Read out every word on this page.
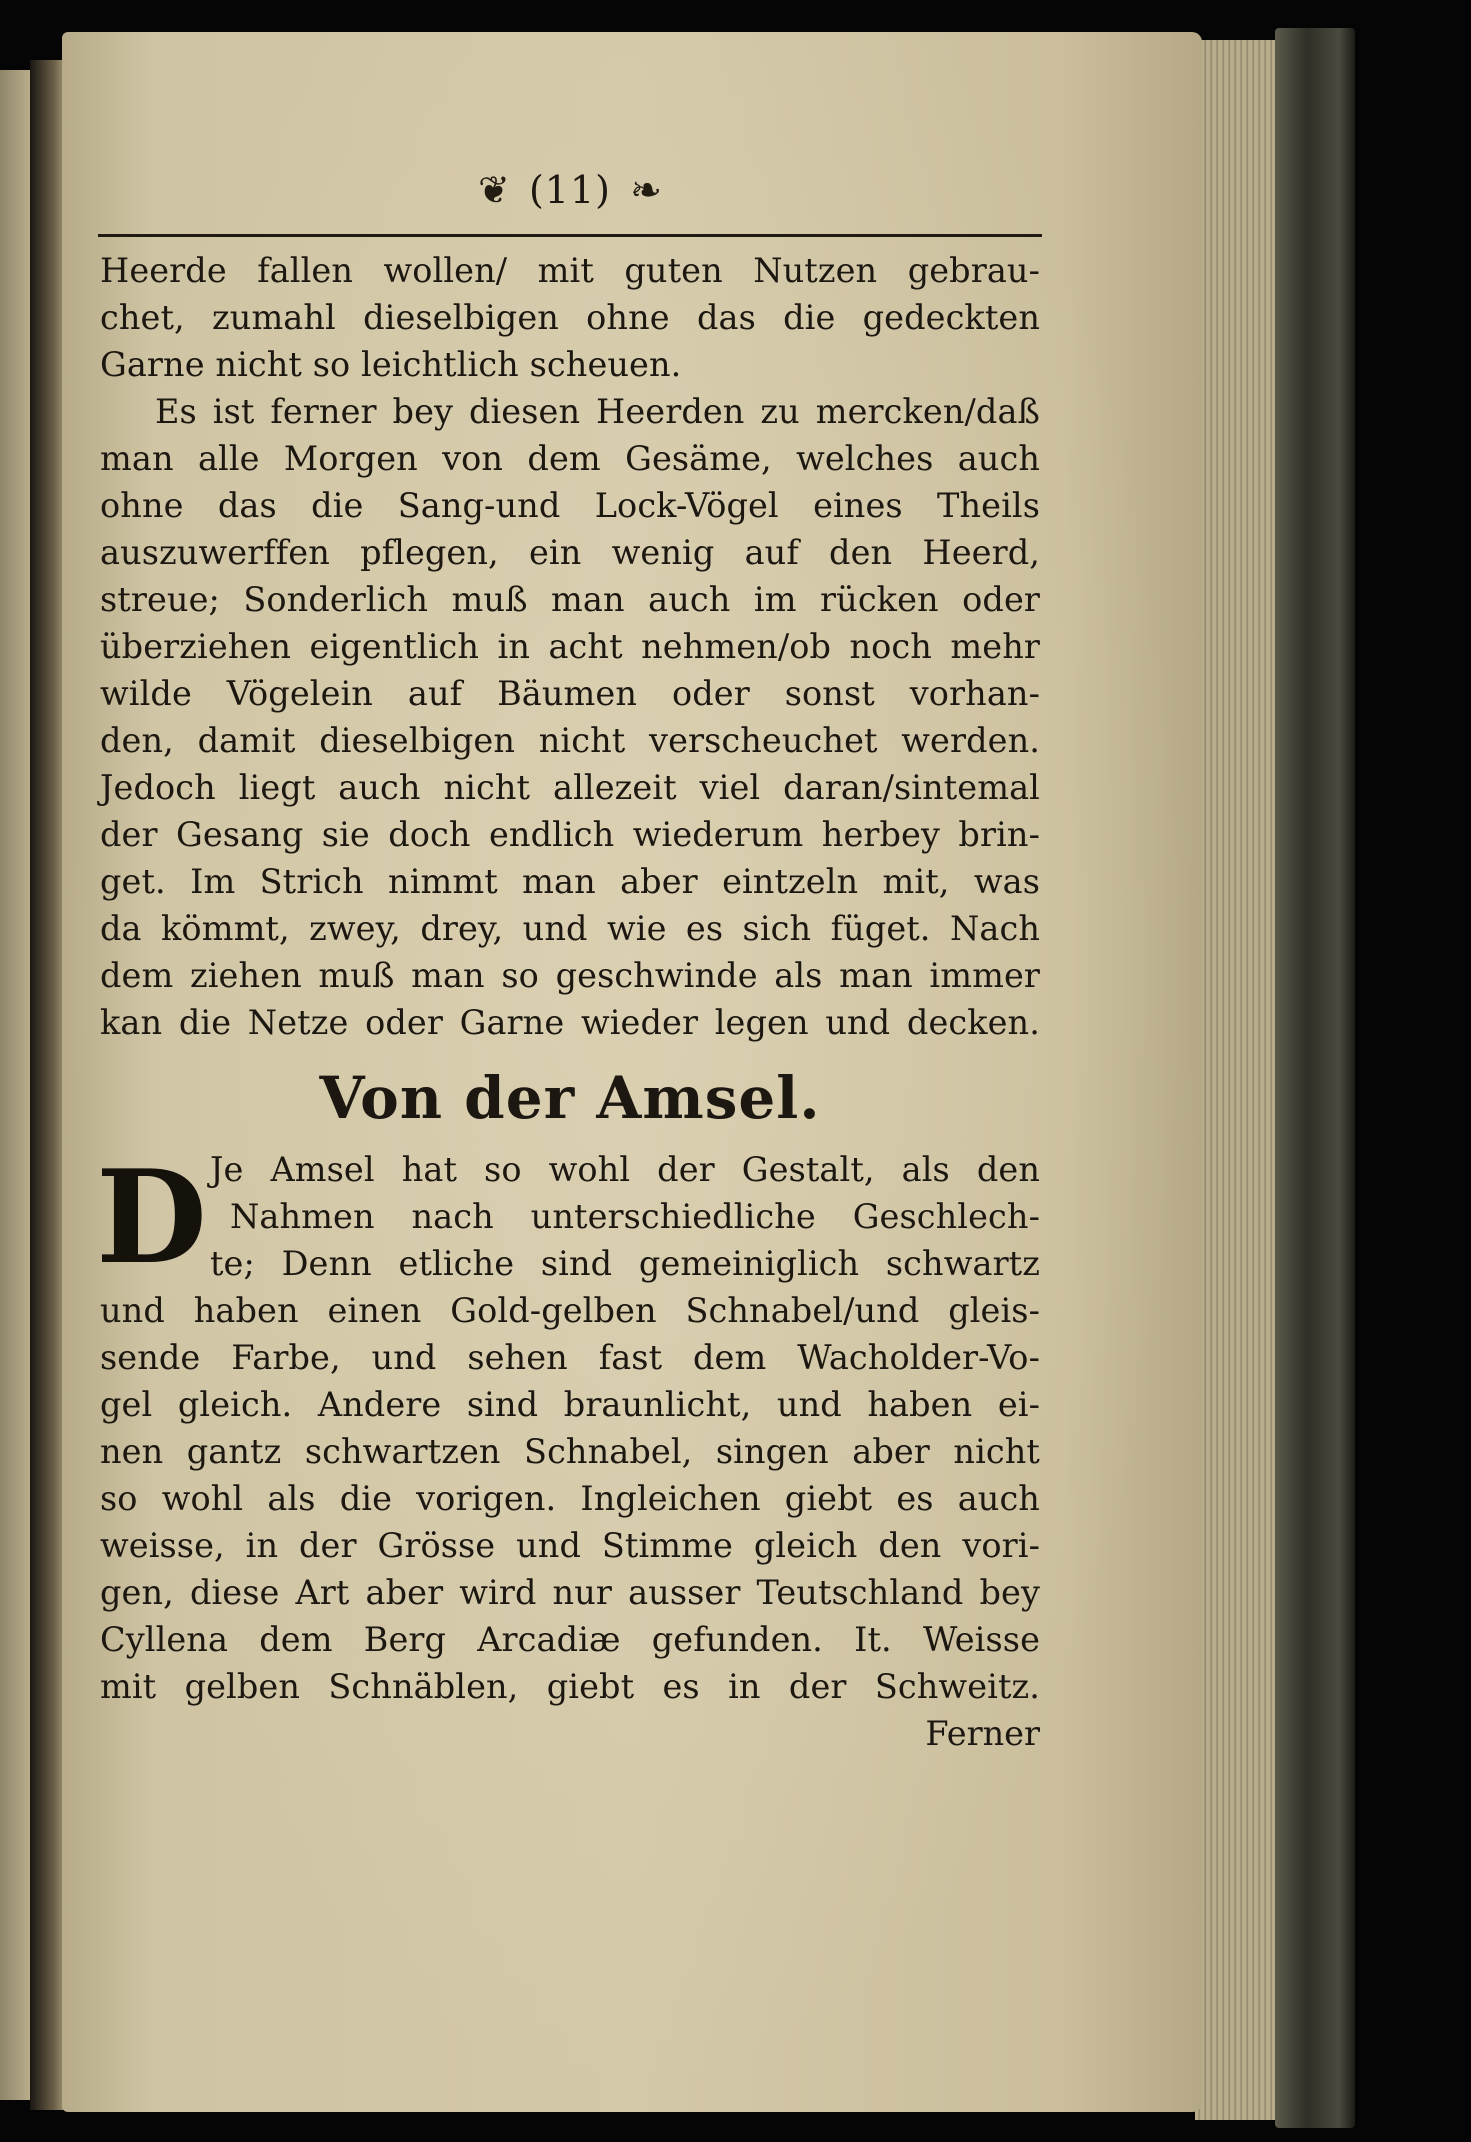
❦ (11) ❧
Heerde fallen wollen/ mit guten Nutzen gebrau-
chet, zumahl dieselbigen ohne das die gedeckten
Garne nicht so leichtlich scheuen.
Es ist ferner bey diesen Heerden zu mercken/daß
man alle Morgen von dem Gesäme, welches auch
ohne das die Sang-und Lock-Vögel eines Theils
auszuwerffen pflegen, ein wenig auf den Heerd,
streue; Sonderlich muß man auch im rücken oder
überziehen eigentlich in acht nehmen/ob noch mehr
wilde Vögelein auf Bäumen oder sonst vorhan-
den, damit dieselbigen nicht verscheuchet werden.
Jedoch liegt auch nicht allezeit viel daran/sintemal
der Gesang sie doch endlich wiederum herbey brin-
get. Im Strich nimmt man aber eintzeln mit, was
da kömmt, zwey, drey, und wie es sich füget. Nach
dem ziehen muß man so geschwinde als man immer
kan die Netze oder Garne wieder legen und decken.
Von der Amsel.
D Je Amsel hat so wohl der Gestalt, als den
Nahmen nach unterschiedliche Geschlech-
te; Denn etliche sind gemeiniglich schwartz
und haben einen Gold-gelben Schnabel/und gleis-
sende Farbe, und sehen fast dem Wacholder-Vo-
gel gleich. Andere sind braunlicht, und haben ei-
nen gantz schwartzen Schnabel, singen aber nicht
so wohl als die vorigen. Ingleichen giebt es auch
weisse, in der Grösse und Stimme gleich den vori-
gen, diese Art aber wird nur ausser Teutschland bey
Cyllena dem Berg Arcadiæ gefunden. It. Weisse
mit gelben Schnäblen, giebt es in der Schweitz.
Ferner
